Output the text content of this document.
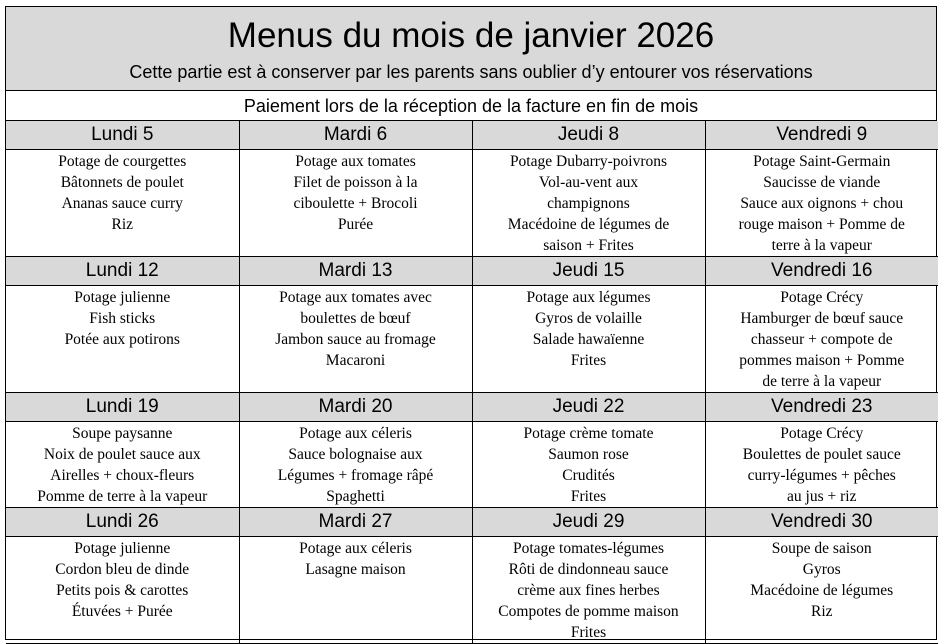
Menus du mois de janvier 2026
Cette partie est à conserver par les parents sans oublier d’y entourer vos réservations
Paiement lors de la réception de la facture en fin de mois
Lundi 5	Mardi 6	Jeudi 8	Vendredi 9

Potage de courgettes
Bâtonnets de poulet
Ananas sauce curry
Riz	Potage aux tomates
Filet de poisson à la
ciboulette + Brocoli
Purée	Potage Dubarry-poivrons
Vol-au-vent aux
champignons
Macédoine de légumes de
saison + Frites	Potage Saint-Germain
Saucisse de viande
Sauce aux oignons + chou
rouge maison + Pomme de
terre à la vapeur

Lundi 12	Mardi 13	Jeudi 15	Vendredi 16

Potage julienne
Fish sticks
Potée aux potirons	Potage aux tomates avec
boulettes de bœuf
Jambon sauce au fromage
Macaroni	Potage aux légumes
Gyros de volaille
Salade hawaïenne
Frites	Potage Crécy
Hamburger de bœuf sauce
chasseur + compote de
pommes maison + Pomme
de terre à la vapeur

Lundi 19	Mardi 20	Jeudi 22	Vendredi 23

Soupe paysanne
Noix de poulet sauce aux
Airelles + choux-fleurs
Pomme de terre à la vapeur	Potage aux céleris
Sauce bolognaise aux
Légumes + fromage râpé
Spaghetti	Potage crème tomate
Saumon rose
Crudités
Frites	Potage Crécy
Boulettes de poulet sauce
curry-légumes + pêches
au jus + riz

Lundi 26	Mardi 27	Jeudi 29	Vendredi 30

Potage julienne
Cordon bleu de dinde
Petits pois & carottes
Étuvées + Purée	Potage aux céleris
Lasagne maison	Potage tomates-légumes
Rôti de dindonneau sauce
crème aux fines herbes
Compotes de pomme maison
Frites	Soupe de saison
Gyros
Macédoine de légumes
Riz
